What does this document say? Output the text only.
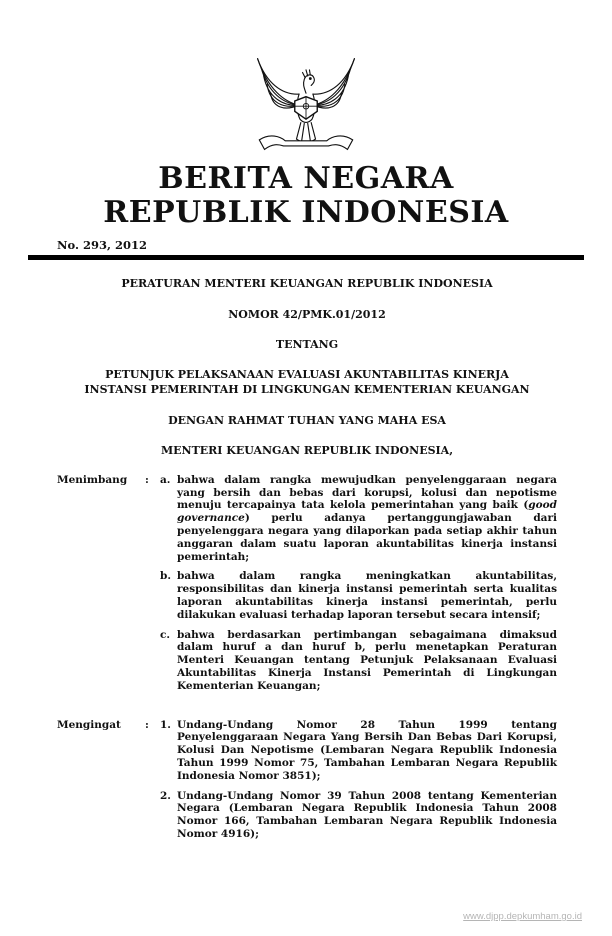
BERITA NEGARA
REPUBLIK INDONESIA
No. 293, 2012
PERATURAN MENTERI KEUANGAN REPUBLIK INDONESIA
NOMOR 42/PMK.01/2012
TENTANG
PETUNJUK PELAKSANAAN EVALUASI AKUNTABILITAS KINERJA
INSTANSI PEMERINTAH DI LINGKUNGAN KEMENTERIAN KEUANGAN
DENGAN RAHMAT TUHAN YANG MAHA ESA
MENTERI KEUANGAN REPUBLIK INDONESIA,
Menimbang	:	a. bahwa dalam rangka mewujudkan penyelenggaraan negara yang bersih dan bebas dari korupsi, kolusi dan nepotisme menuju tercapainya tata kelola pemerintahan yang baik (good governance) perlu adanya pertanggungjawaban dari penyelenggara negara yang dilaporkan pada setiap akhir tahun anggaran dalam suatu laporan akuntabilitas kinerja instansi pemerintah;
b. bahwa dalam rangka meningkatkan akuntabilitas, responsibilitas dan kinerja instansi pemerintah serta kualitas laporan akuntabilitas kinerja instansi pemerintah, perlu dilakukan evaluasi terhadap laporan tersebut secara intensif;
c. bahwa berdasarkan pertimbangan sebagaimana dimaksud dalam huruf a dan huruf b, perlu menetapkan Peraturan Menteri Keuangan tentang Petunjuk Pelaksanaan Evaluasi Akuntabilitas Kinerja Instansi Pemerintah di Lingkungan Kementerian Keuangan;
Mengingat	:	1. Undang-Undang Nomor 28 Tahun 1999 tentang Penyelenggaraan Negara Yang Bersih Dan Bebas Dari Korupsi, Kolusi Dan Nepotisme (Lembaran Negara Republik Indonesia Tahun 1999 Nomor 75, Tambahan Lembaran Negara Republik Indonesia Nomor 3851);
2. Undang-Undang Nomor 39 Tahun 2008 tentang Kementerian Negara (Lembaran Negara Republik Indonesia Tahun 2008 Nomor 166, Tambahan Lembaran Negara Republik Indonesia Nomor 4916);
www.djpp.depkumham.go.id
